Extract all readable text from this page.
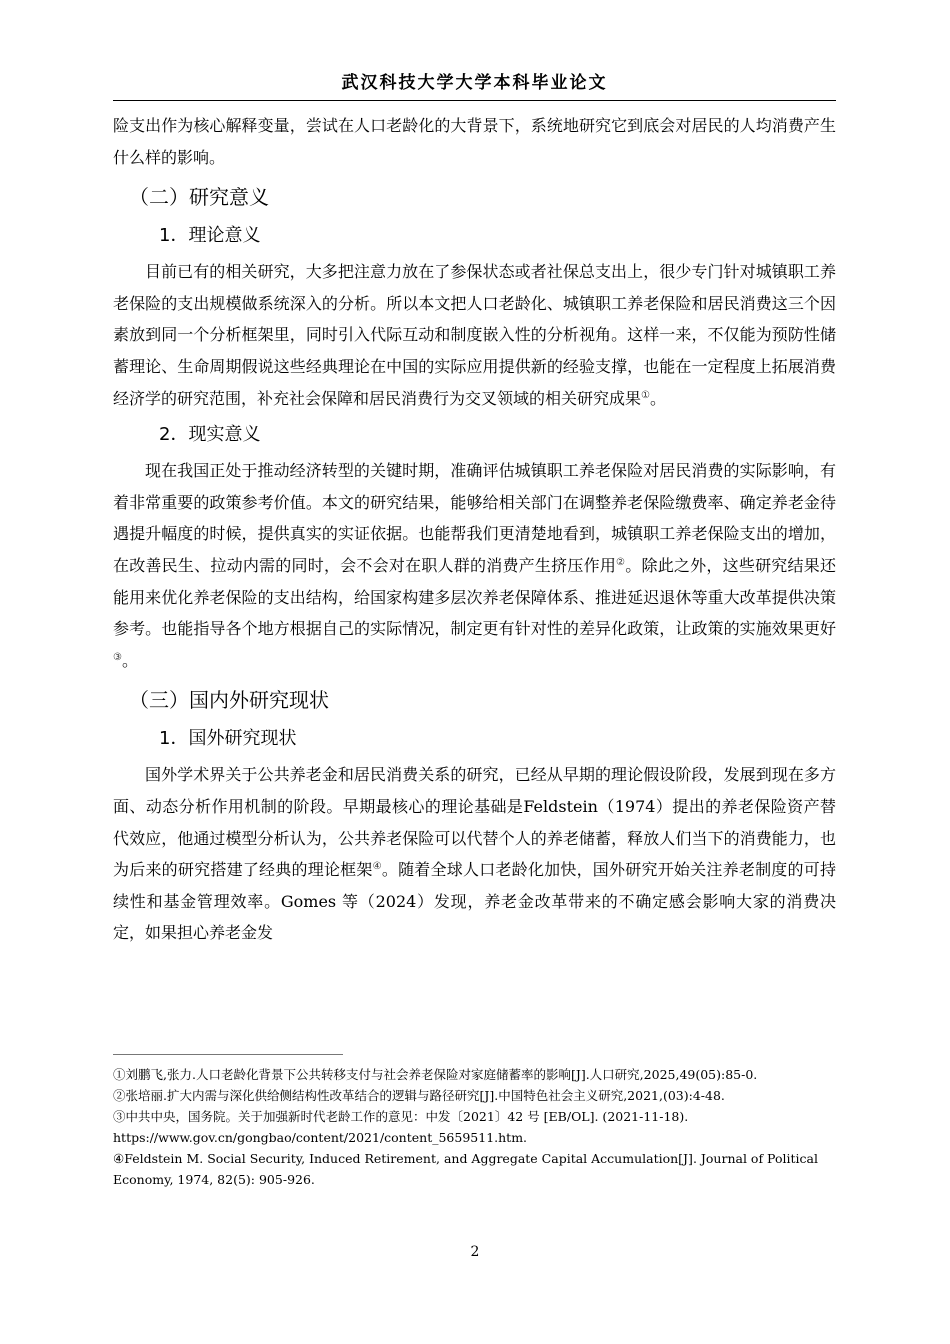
武汉科技大学大学本科毕业论文

险支出作为核心解释变量，尝试在人口老龄化的大背景下，系统地研究它到底会对居民的人均消费产生什么样的影响。

（二）研究意义
1．理论意义

目前已有的相关研究，大多把注意力放在了参保状态或者社保总支出上，很少专门针对城镇职工养老保险的支出规模做系统深入的分析。所以本文把人口老龄化、城镇职工养老保险和居民消费这三个因素放到同一个分析框架里，同时引入代际互动和制度嵌入性的分析视角。这样一来，不仅能为预防性储蓄理论、生命周期假说这些经典理论在中国的实际应用提供新的经验支撑，也能在一定程度上拓展消费经济学的研究范围，补充社会保障和居民消费行为交叉领域的相关研究成果①。

2．现实意义

现在我国正处于推动经济转型的关键时期，准确评估城镇职工养老保险对居民消费的实际影响，有着非常重要的政策参考价值。本文的研究结果，能够给相关部门在调整养老保险缴费率、确定养老金待遇提升幅度的时候，提供真实的实证依据。也能帮我们更清楚地看到，城镇职工养老保险支出的增加，在改善民生、拉动内需的同时，会不会对在职人群的消费产生挤压作用②。除此之外，这些研究结果还能用来优化养老保险的支出结构，给国家构建多层次养老保障体系、推进延迟退休等重大改革提供决策参考。也能指导各个地方根据自己的实际情况，制定更有针对性的差异化政策，让政策的实施效果更好③。

（三）国内外研究现状
1．国外研究现状

国外学术界关于公共养老金和居民消费关系的研究，已经从早期的理论假设阶段，发展到现在多方面、动态分析作用机制的阶段。早期最核心的理论基础是Feldstein（1974）提出的养老保险资产替代效应，他通过模型分析认为，公共养老保险可以代替个人的养老储蓄，释放人们当下的消费能力，也为后来的研究搭建了经典的理论框架④。随着全球人口老龄化加快，国外研究开始关注养老制度的可持续性和基金管理效率。Gomes 等（2024）发现，养老金改革带来的不确定感会影响大家的消费决定，如果担心养老金发

①刘鹏飞,张力.人口老龄化背景下公共转移支付与社会养老保险对家庭储蓄率的影响[J].人口研究,2025,49(05):85-0.

②张培丽.扩大内需与深化供给侧结构性改革结合的逻辑与路径研究[J].中国特色社会主义研究,2021,(03):4-48.

③中共中央，国务院。关于加强新时代老龄工作的意见：中发〔2021〕42 号 [EB/OL]. (2021-11-18).

https://www.gov.cn/gongbao/content/2021/content_5659511.htm.

④Feldstein M. Social Security, Induced Retirement, and Aggregate Capital Accumulation[J]. Journal of Political Economy, 1974, 82(5): 905-926.

2
